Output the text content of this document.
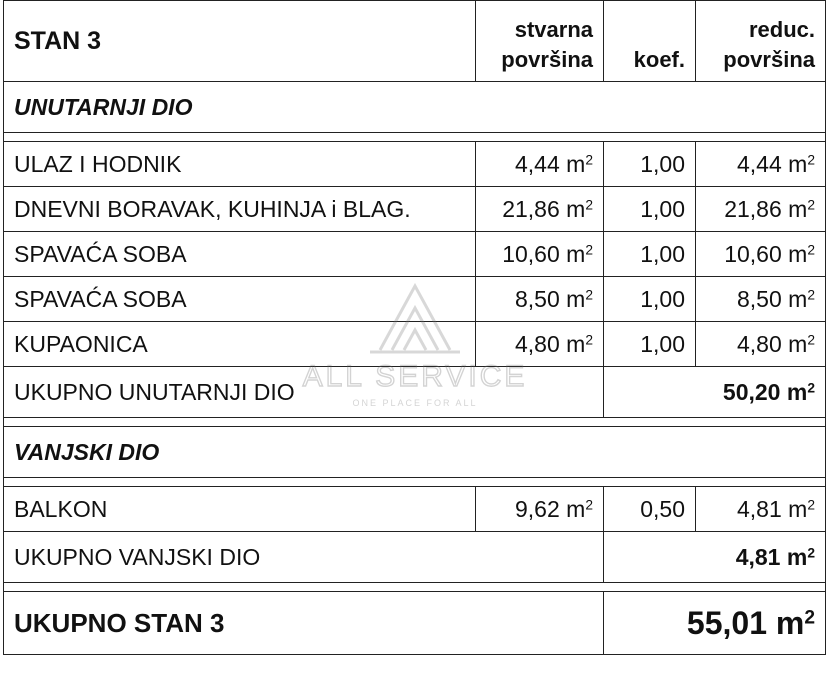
STAN 3	stvarna površina	koef.	reduc. površina
UNUTARNJI DIO			

ULAZ I HODNIK	4,44 $m^2$	1,00	4,44 $m^2$
DNEVNI BORAVAK, KUHINJA i BLAG.	21,86 $m^2$	1,00	21,86 $m^2$
SPAVAĆA SOBA	10,60 $m^2$	1,00	10,60 $m^2$
SPAVAĆA SOBA	8,50 $m^2$	1,00	8,50 $m^2$
KUPAONICA	4,80 $m^2$	1,00	4,80 $m^2$
UKUPNO UNUTARNJI DIO		50,20 $m^2$

VANJSKI DIO			

BALKON	9,62 $m^2$	0,50	4,81 $m^2$
UKUPNO VANJSKI DIO		4,81 $m^2$

UKUPNO STAN 3		55,01 $m^2$
ALL SERVICE
ONE PLACE FOR ALL
